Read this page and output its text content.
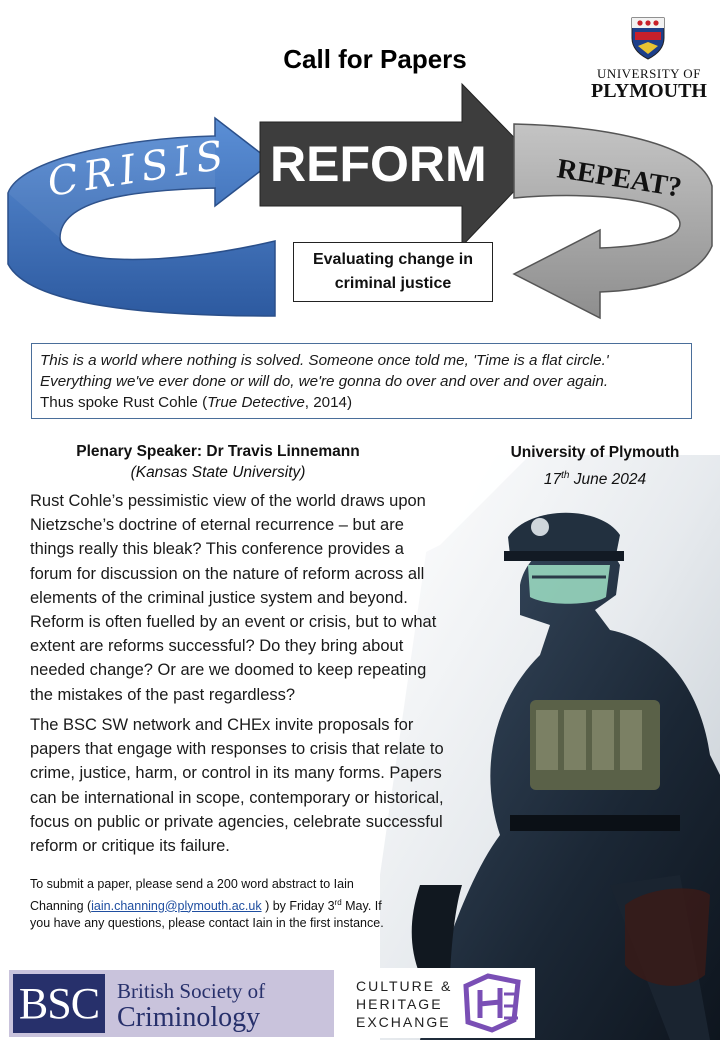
Call for Papers	UNIVERSITY OF
PLYMOUTH
CRISIS REFORM REPEAT?
Evaluating change in
criminal justice
This is a world where nothing is solved. Someone once told me, 'Time is a flat circle.'
Everything we've ever done or will do, we're gonna do over and over and over again.
Thus spoke Rust Cohle (True Detective, 2014)
Plenary Speaker: Dr Travis Linnemann
(Kansas State University)
University of Plymouth
17th June 2024
Rust Cohle’s pessimistic view of the world draws upon Nietzsche’s doctrine of eternal recurrence – but are things really this bleak? This conference provides a forum for discussion on the nature of reform across all elements of the criminal justice system and beyond. Reform is often fuelled by an event or crisis, but to what extent are reforms successful? Do they bring about needed change? Or are we doomed to keep repeating the mistakes of the past regardless?
The BSC SW network and CHEx invite proposals for papers that engage with responses to crisis that relate to crime, justice, harm, or control in its many forms. Papers can be international in scope, contemporary or historical, focus on public or private agencies, celebrate successful reform or critique its failure.
To submit a paper, please send a 200 word abstract to Iain Channing (iain.channing@plymouth.ac.uk ) by Friday 3rd May. If you have any questions, please contact Iain in the first instance.
BSC British Society of
Criminology
CULTURE &
HERITAGE
EXCHANGE
